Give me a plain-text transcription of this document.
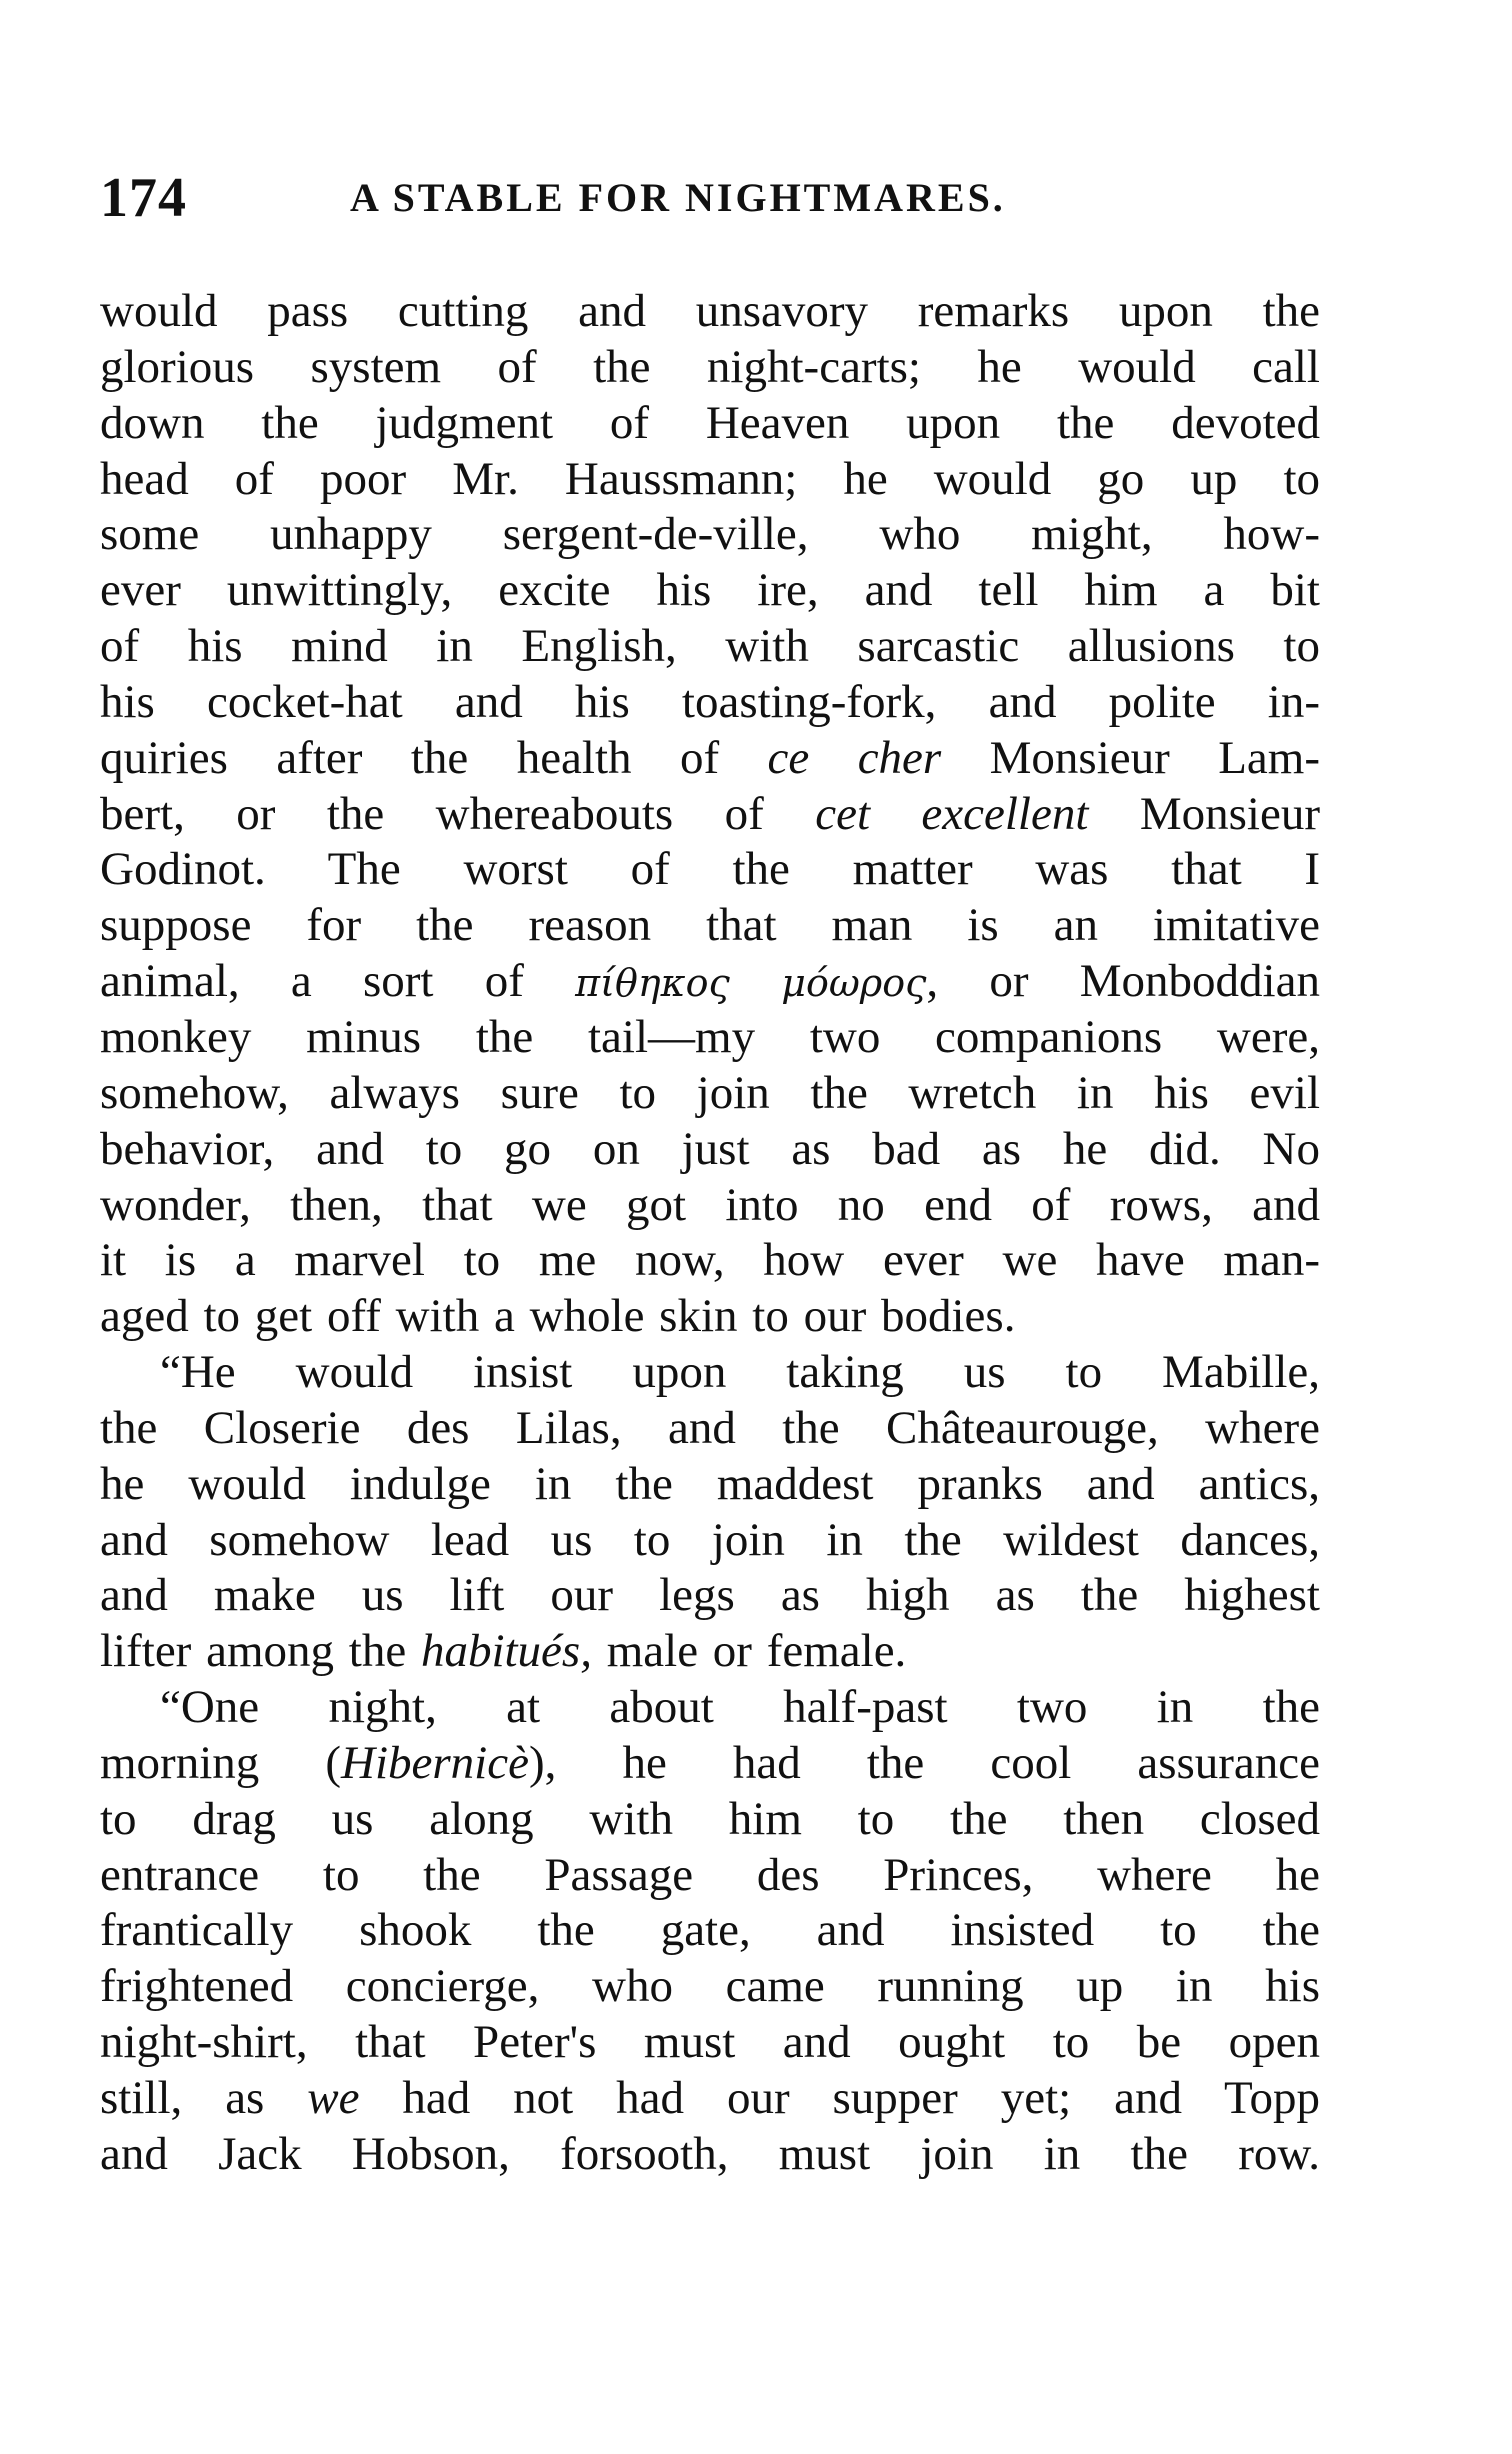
174	A STABLE FOR NIGHTMARES.
would pass cutting and unsavory remarks upon the
glorious system of the night-carts; he would call
down the judgment of Heaven upon the devoted
head of poor Mr. Haussmann; he would go up to
some unhappy sergent-de-ville, who might, how-
ever unwittingly, excite his ire, and tell him a bit
of his mind in English, with sarcastic allusions to
his cocket-hat and his toasting-fork, and polite in-
quiries after the health of ce cher Monsieur Lam-
bert, or the whereabouts of cet excellent Monsieur
Godinot. The worst of the matter was that I
suppose for the reason that man is an imitative
animal, a sort of πίθηκος μόωρος, or Monboddian
monkey minus the tail—my two companions were,
somehow, always sure to join the wretch in his evil
behavior, and to go on just as bad as he did. No
wonder, then, that we got into no end of rows, and
it is a marvel to me now, how ever we have man-
aged to get off with a whole skin to our bodies.
“He would insist upon taking us to Mabille,
the Closerie des Lilas, and the Châteaurouge, where
he would indulge in the maddest pranks and antics,
and somehow lead us to join in the wildest dances,
and make us lift our legs as high as the highest
lifter among the habitués, male or female.
“One night, at about half-past two in the
morning (Hibernicè), he had the cool assurance
to drag us along with him to the then closed
entrance to the Passage des Princes, where he
frantically shook the gate, and insisted to the
frightened concierge, who came running up in his
night-shirt, that Peter's must and ought to be open
still, as we had not had our supper yet; and Topp
and Jack Hobson, forsooth, must join in the row.
